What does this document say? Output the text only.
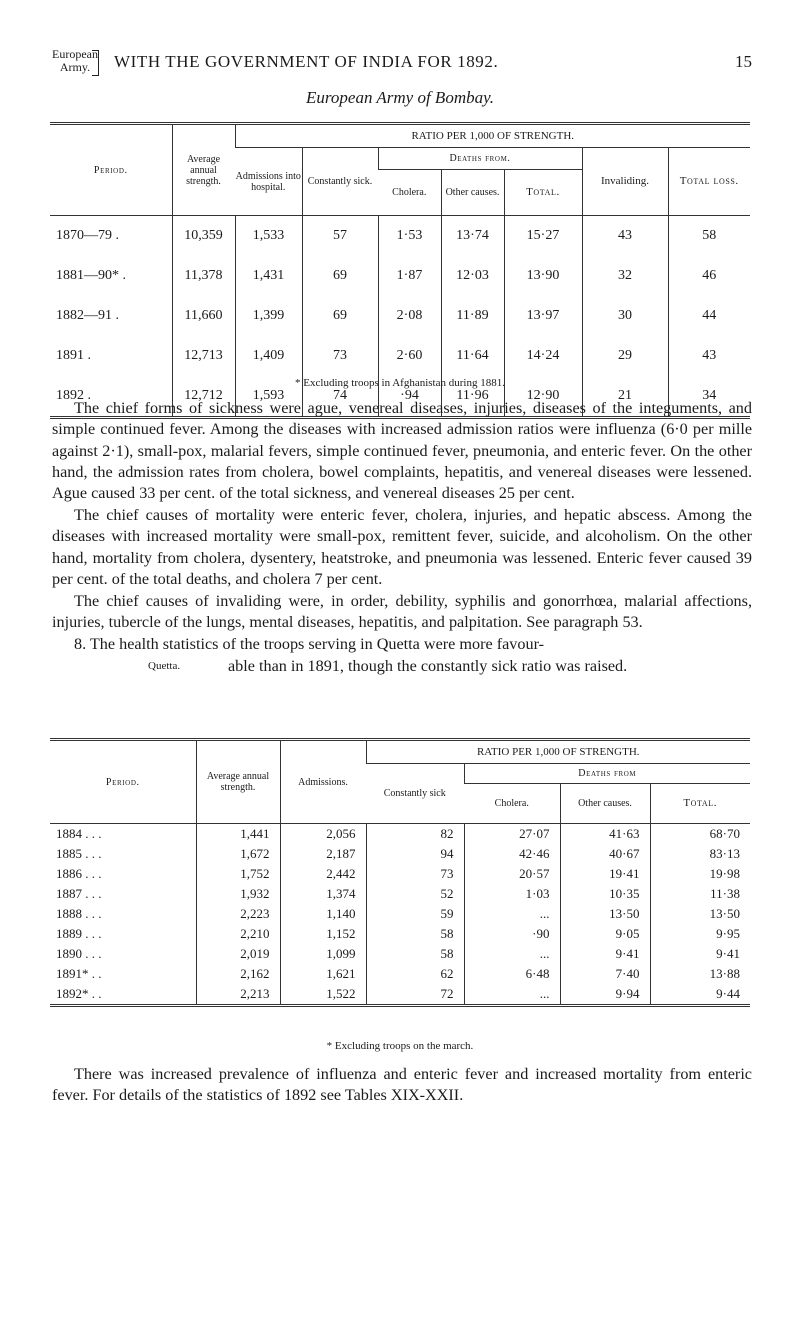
European
Army.	WITH THE GOVERNMENT OF INDIA FOR 1892.	15
European Army of Bombay.
Period.	Average annual strength.	RATIO PER 1,000 OF STRENGTH.						
		Admissions into hospital.	Constantly sick.	Deaths from.			Invaliding.	Total loss.
				Cholera.	Other causes.	Total.		
1870—79 .	10,359	1,533	57	1·53	13·74	15·27	43	58
1881—90* .	11,378	1,431	69	1·87	12·03	13·90	32	46
1882—91 .	11,660	1,399	69	2·08	11·89	13·97	30	44
1891 .	12,713	1,409	73	2·60	11·64	14·24	29	43
1892 .	12,712	1,593	74	·94	11·96	12·90	21	34
* Excluding troops in Afghanistan during 1881.

The chief forms of sickness were ague, venereal diseases, injuries, diseases of the integuments, and simple continued fever. Among the diseases with increased admission ratios were influenza (6·0 per mille against 2·1), small-pox, malarial fevers, simple continued fever, pneumonia, and enteric fever. On the other hand, the admission rates from cholera, bowel complaints, hepatitis, and venereal diseases were lessened. Ague caused 33 per cent. of the total sickness, and venereal diseases 25 per cent.

The chief causes of mortality were enteric fever, cholera, injuries, and hepatic abscess. Among the diseases with increased mortality were small-pox, remittent fever, suicide, and alcoholism. On the other hand, mortality from cholera, dysentery, heatstroke, and pneumonia was lessened. Enteric fever caused 39 per cent. of the total deaths, and cholera 7 per cent.

The chief causes of invaliding were, in order, debility, syphilis and gonorrhœa, malarial affections, injuries, tubercle of the lungs, mental diseases, hepatitis, and palpitation. See paragraph 53.

8. The health statistics of the troops serving in Quetta were more favour-

Quetta.	able than in 1891, though the constantly sick ratio was raised.

Period.	Average annual strength.	Admissions.	RATIO PER 1,000 OF STRENGTH.			
			Constantly sick	Deaths from		
				Cholera.	Other causes.	Total.
1884 . . .	1,441	2,056	82	27·07	41·63	68·70
1885 . . .	1,672	2,187	94	42·46	40·67	83·13
1886 . . .	1,752	2,442	73	20·57	19·41	19·98
1887 . . .	1,932	1,374	52	1·03	10·35	11·38
1888 . . .	2,223	1,140	59	...	13·50	13·50
1889 . . .	2,210	1,152	58	·90	9·05	9·95
1890 . . .	2,019	1,099	58	...	9·41	9·41
1891* . .	2,162	1,621	62	6·48	7·40	13·88
1892* . .	2,213	1,522	72	...	9·94	9·44
* Excluding troops on the march.

There was increased prevalence of influenza and enteric fever and increased mortality from enteric fever. For details of the statistics of 1892 see Tables XIX-XXII.
